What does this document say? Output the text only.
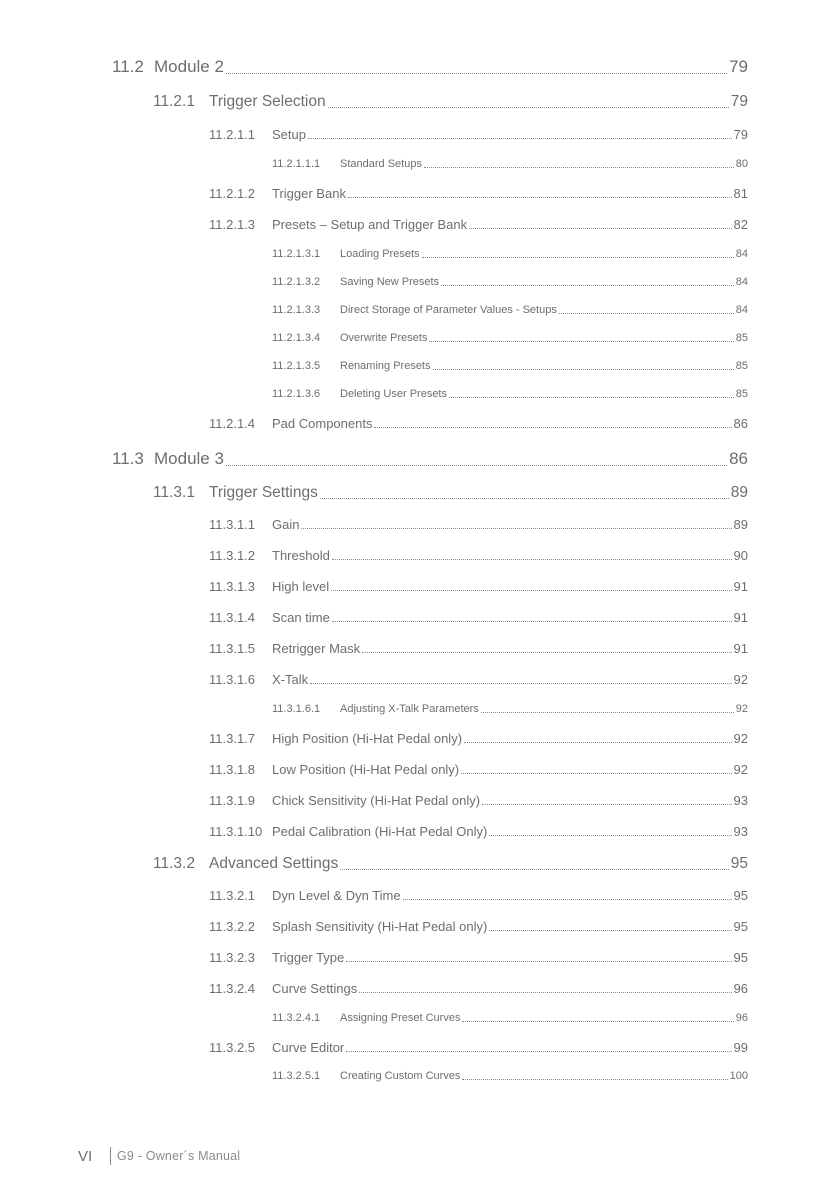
11.2 Module 2	79
11.2.1 Trigger Selection	79
11.2.1.1	Setup	79
11.2.1.1.1	Standard Setups	80
11.2.1.2	Trigger Bank	81
11.2.1.3	Presets – Setup and Trigger Bank	82
11.2.1.3.1	Loading Presets	84
11.2.1.3.2	Saving New Presets	84
11.2.1.3.3	Direct Storage of Parameter Values - Setups	84
11.2.1.3.4	Overwrite Presets	85
11.2.1.3.5	Renaming Presets	85
11.2.1.3.6	Deleting User Presets	85
11.2.1.4	Pad Components	86
11.3 Module 3	86
11.3.1 Trigger Settings	89
11.3.1.1	Gain	89
11.3.1.2	Threshold	90
11.3.1.3	High level	91
11.3.1.4	Scan time	91
11.3.1.5	Retrigger Mask	91
11.3.1.6	X-Talk	92
11.3.1.6.1	Adjusting X-Talk Parameters	92
11.3.1.7	High Position (Hi-Hat Pedal only)	92
11.3.1.8	Low Position (Hi-Hat Pedal only)	92
11.3.1.9	Chick Sensitivity (Hi-Hat Pedal only)	93
11.3.1.10 Pedal Calibration (Hi-Hat Pedal Only)	93
11.3.2 Advanced Settings	95
11.3.2.1	Dyn Level & Dyn Time	95
11.3.2.2	Splash Sensitivity (Hi-Hat Pedal only)	95
11.3.2.3	Trigger Type	95
11.3.2.4	Curve Settings	96
11.3.2.4.1	Assigning Preset Curves	96
11.3.2.5	Curve Editor	99
11.3.2.5.1	Creating Custom Curves	100
VI	G9 - Owner´s Manual
